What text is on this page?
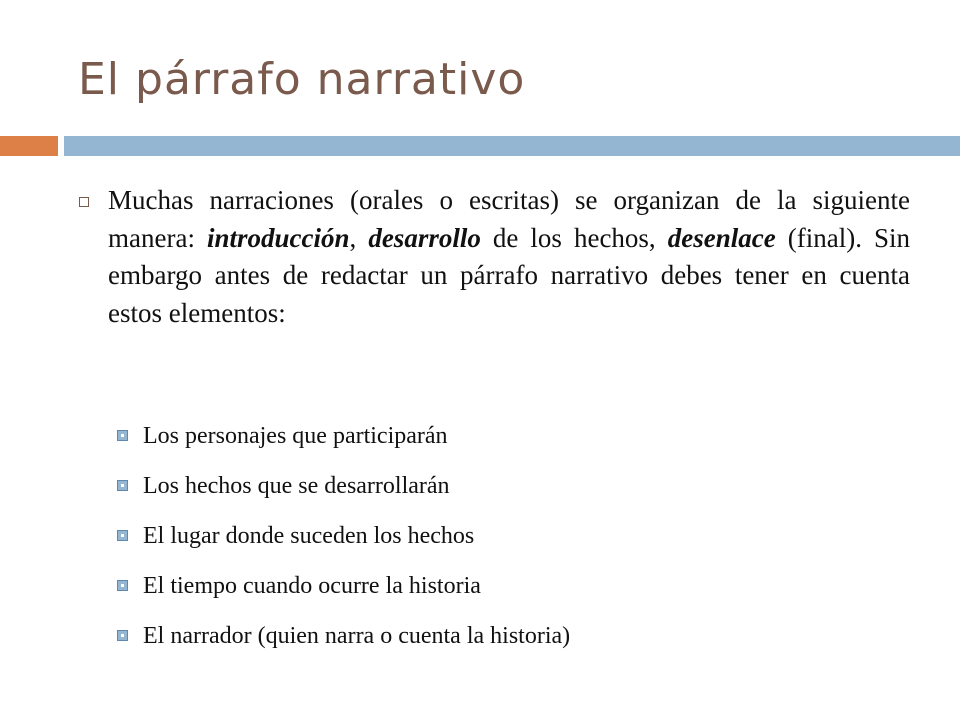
El párrafo narrativo
Muchas narraciones (orales o escritas) se organizan de la siguiente manera: introducción, desarrollo de los hechos, desenlace (final). Sin embargo antes de redactar un párrafo narrativo debes tener en cuenta estos elementos:
Los personajes que participarán
Los hechos que se desarrollarán
El lugar donde suceden los hechos
El tiempo cuando ocurre la historia
El narrador (quien narra o cuenta la historia)
